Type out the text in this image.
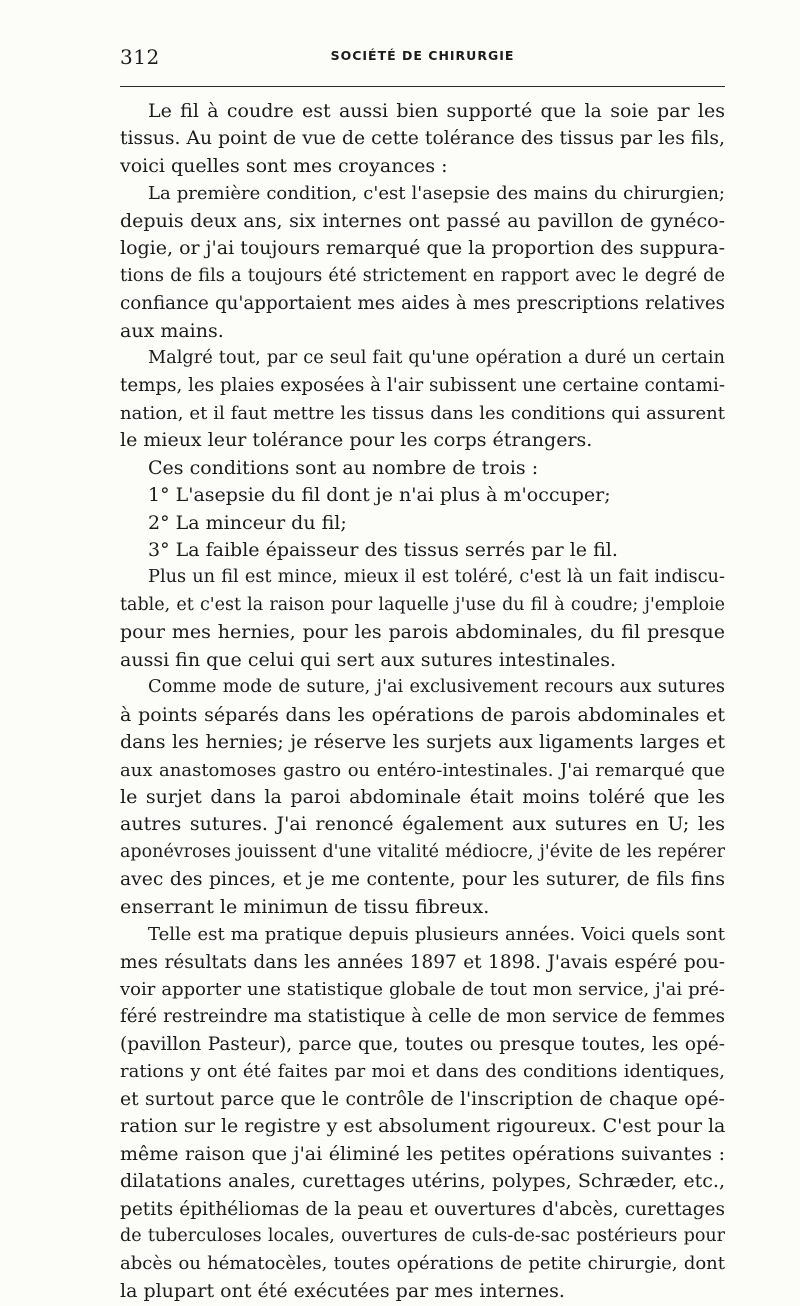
312	SOCIÉTÉ DE CHIRURGIE
Le fil à coudre est aussi bien supporté que la soie par les
tissus. Au point de vue de cette tolérance des tissus par les fils,
voici quelles sont mes croyances :
La première condition, c'est l'asepsie des mains du chirurgien;
depuis deux ans, six internes ont passé au pavillon de gynéco-
logie, or j'ai toujours remarqué que la proportion des suppura-
tions de fils a toujours été strictement en rapport avec le degré de
confiance qu'apportaient mes aides à mes prescriptions relatives
aux mains.
Malgré tout, par ce seul fait qu'une opération a duré un certain
temps, les plaies exposées à l'air subissent une certaine contami-
nation, et il faut mettre les tissus dans les conditions qui assurent
le mieux leur tolérance pour les corps étrangers.
Ces conditions sont au nombre de trois :
1° L'asepsie du fil dont je n'ai plus à m'occuper;
2° La minceur du fil;
3° La faible épaisseur des tissus serrés par le fil.
Plus un fil est mince, mieux il est toléré, c'est là un fait indiscu-
table, et c'est la raison pour laquelle j'use du fil à coudre; j'emploie
pour mes hernies, pour les parois abdominales, du fil presque
aussi fin que celui qui sert aux sutures intestinales.
Comme mode de suture, j'ai exclusivement recours aux sutures
à points séparés dans les opérations de parois abdominales et
dans les hernies; je réserve les surjets aux ligaments larges et
aux anastomoses gastro ou entéro-intestinales. J'ai remarqué que
le surjet dans la paroi abdominale était moins toléré que les
autres sutures. J'ai renoncé également aux sutures en U; les
aponévroses jouissent d'une vitalité médiocre, j'évite de les repérer
avec des pinces, et je me contente, pour les suturer, de fils fins
enserrant le minimun de tissu fibreux.
Telle est ma pratique depuis plusieurs années. Voici quels sont
mes résultats dans les années 1897 et 1898. J'avais espéré pou-
voir apporter une statistique globale de tout mon service, j'ai pré-
féré restreindre ma statistique à celle de mon service de femmes
(pavillon Pasteur), parce que, toutes ou presque toutes, les opé-
rations y ont été faites par moi et dans des conditions identiques,
et surtout parce que le contrôle de l'inscription de chaque opé-
ration sur le registre y est absolument rigoureux. C'est pour la
même raison que j'ai éliminé les petites opérations suivantes :
dilatations anales, curettages utérins, polypes, Schræder, etc.,
petits épithéliomas de la peau et ouvertures d'abcès, curettages
de tuberculoses locales, ouvertures de culs-de-sac postérieurs pour
abcès ou hématocèles, toutes opérations de petite chirurgie, dont
la plupart ont été exécutées par mes internes.
